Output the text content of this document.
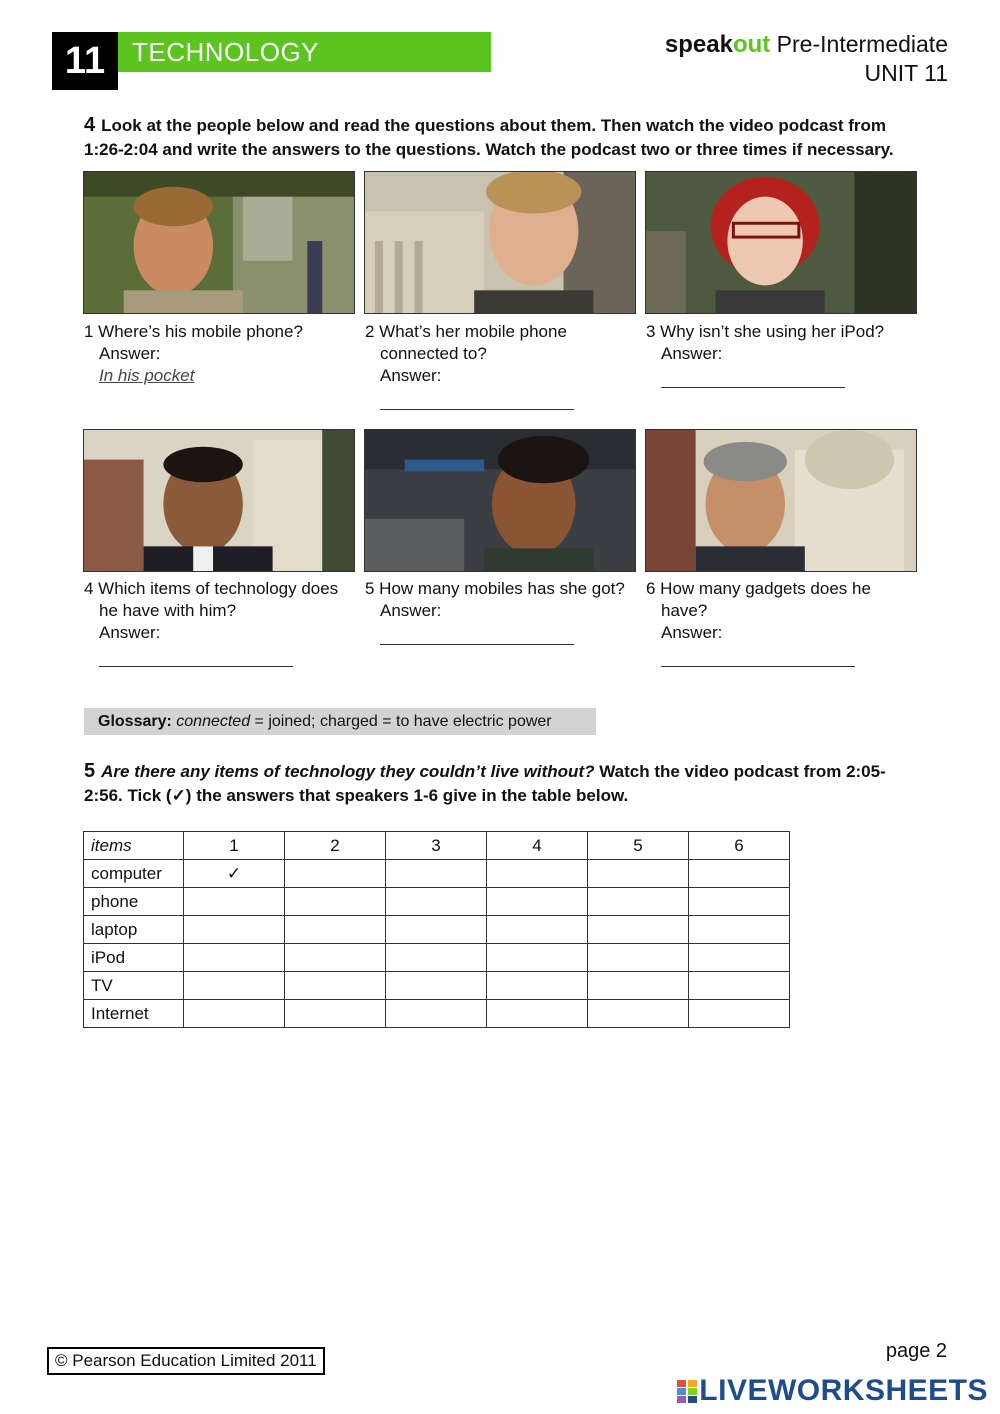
11	TECHNOLOGY	speakout Pre-Intermediate
UNIT 11
4 Look at the people below and read the questions about them. Then watch the video podcast from
1:26-2:04 and write the answers to the questions. Watch the podcast two or three times if necessary.
1 Where’s his mobile phone?
Answer:
In his pocket
2 What’s her mobile phone
connected to?
Answer:
3 Why isn’t she using her iPod?
Answer:
4 Which items of technology does
he have with him?
Answer:
5 How many mobiles has she got?
Answer:
6 How many gadgets does he
have?
Answer:
Glossary: connected = joined; charged = to have electric power
5 Are there any items of technology they couldn’t live without? Watch the video podcast from 2:05-
2:56. Tick (✓) the answers that speakers 1-6 give in the table below.
items	1	2	3	4	5	6
computer	✓					
phone						
laptop						
iPod						
TV						
Internet						
© Pearson Education Limited 2011	page 2
LIVEWORKSHEETS
